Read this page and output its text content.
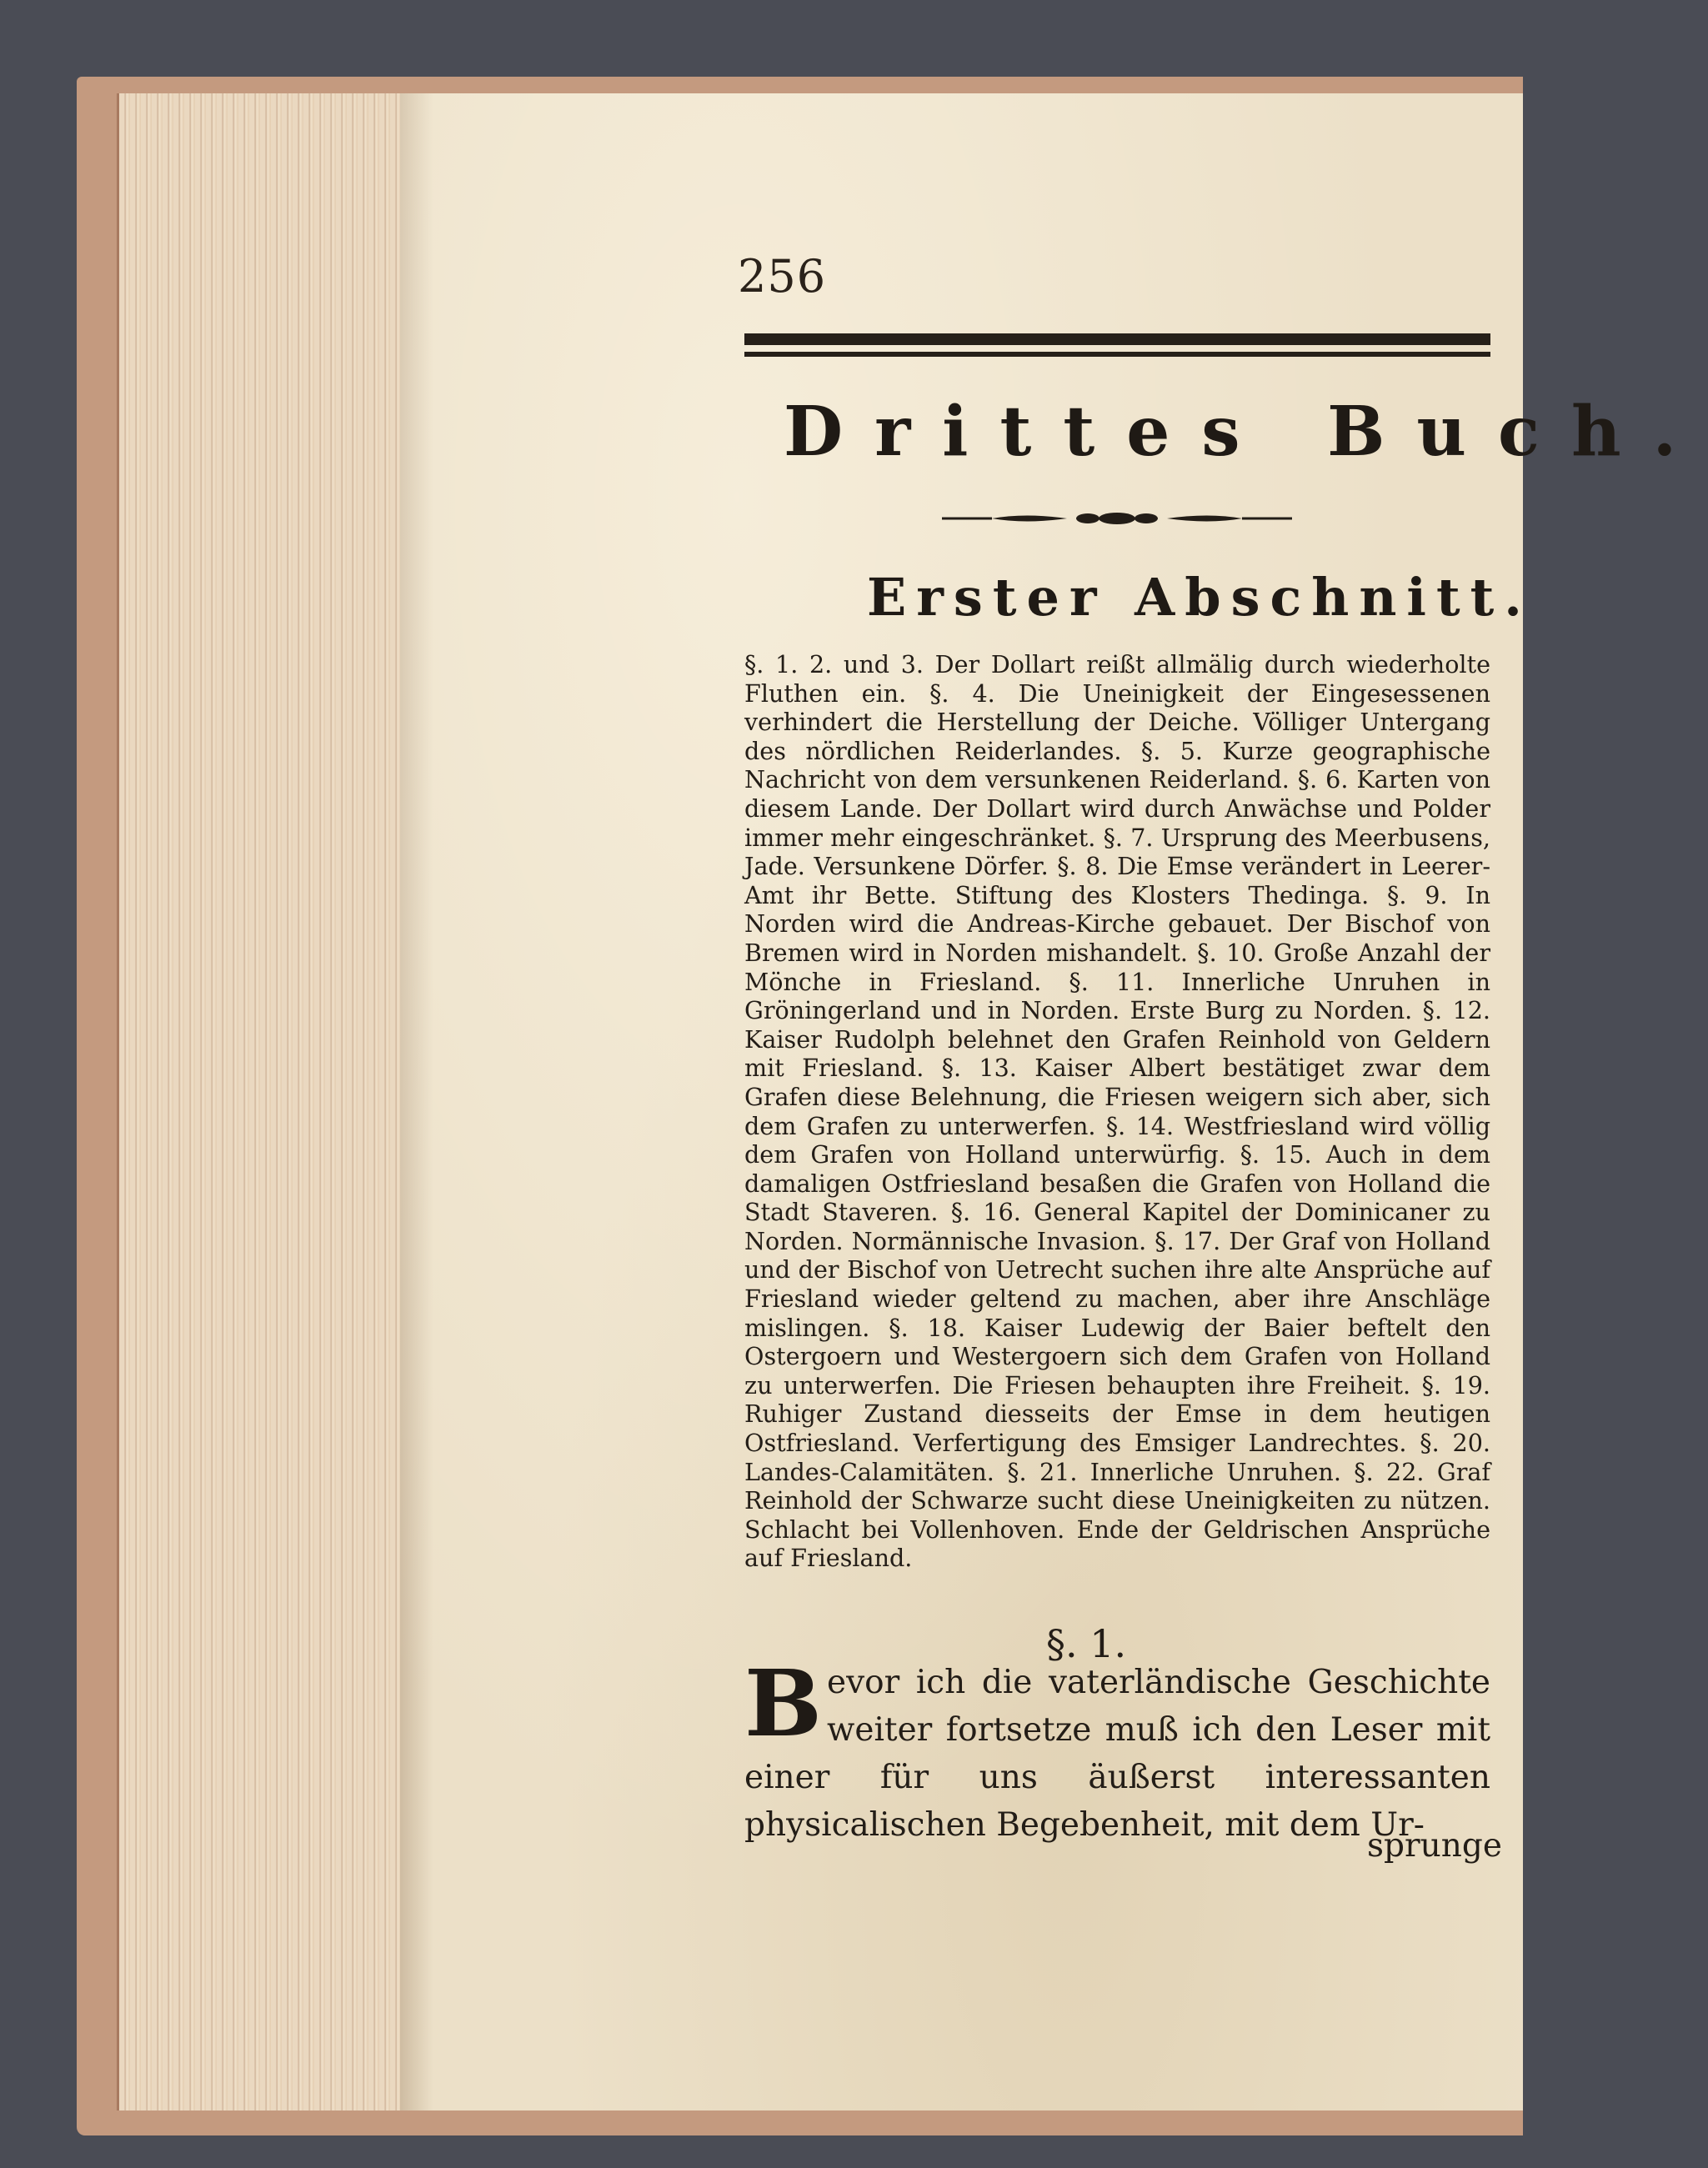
256
Drittes Buch.
Erster Abschnitt.

§. 1. 2. und 3. Der Dollart reißt allmälig durch wiederholte Fluthen ein. §. 4. Die Uneinigkeit der Eingesessenen verhindert die Herstellung der Deiche. Völliger Untergang des nördlichen Reiderlandes. §. 5. Kurze geographische Nachricht von dem versunkenen Reiderland. §. 6. Karten von diesem Lande. Der Dollart wird durch Anwächse und Polder immer mehr eingeschränket. §. 7. Ursprung des Meerbusens, Jade. Versunkene Dörfer. §. 8. Die Emse verändert in Leerer-Amt ihr Bette. Stiftung des Klosters Thedinga. §. 9. In Norden wird die Andreas-Kirche gebauet. Der Bischof von Bremen wird in Norden mishandelt. §. 10. Große Anzahl der Mönche in Friesland. §. 11. Innerliche Unruhen in Gröningerland und in Norden. Erste Burg zu Norden. §. 12. Kaiser Rudolph belehnet den Grafen Reinhold von Geldern mit Friesland. §. 13. Kaiser Albert bestätiget zwar dem Grafen diese Belehnung, die Friesen weigern sich aber, sich dem Grafen zu unterwerfen. §. 14. Westfriesland wird völlig dem Grafen von Holland unterwürfig. §. 15. Auch in dem damaligen Ostfriesland besaßen die Grafen von Holland die Stadt Staveren. §. 16. General Kapitel der Dominicaner zu Norden. Normännische Invasion. §. 17. Der Graf von Holland und der Bischof von Uetrecht suchen ihre alte Ansprüche auf Friesland wieder geltend zu machen, aber ihre Anschläge mislingen. §. 18. Kaiser Ludewig der Baier beftelt den Ostergoern und Westergoern sich dem Grafen von Holland zu unterwerfen. Die Friesen behaupten ihre Freiheit. §. 19. Ruhiger Zustand diesseits der Emse in dem heutigen Ostfriesland. Verfertigung des Emsiger Landrechtes. §. 20. Landes-Calamitäten. §. 21. Innerliche Unruhen. §. 22. Graf Reinhold der Schwarze sucht diese Uneinigkeiten zu nützen. Schlacht bei Vollenhoven. Ende der Geldrischen Ansprüche auf Friesland.

§. 1.

Bevor ich die vaterländische Geschichte weiter fortsetze muß ich den Leser mit einer für uns äußerst interessanten physicalischen Begebenheit, mit dem Ur-

sprunge
